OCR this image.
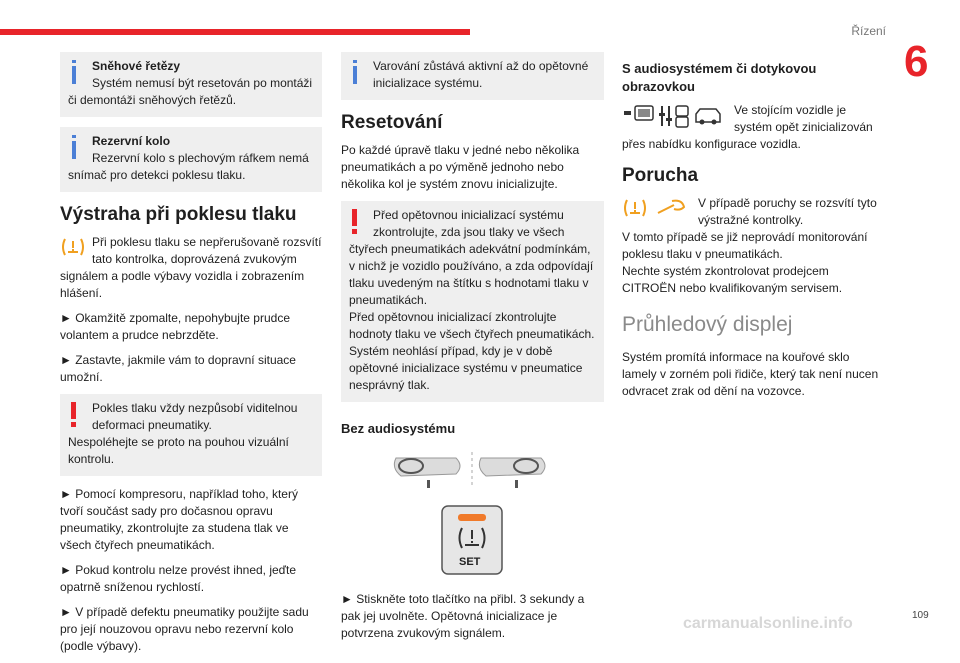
Řízení
6
Sněhové řetězy
Systém nemusí být resetován po montáži či demontáži sněhových řetězů.
Rezervní kolo
Rezervní kolo s plechovým ráfkem nemá snímač pro detekci poklesu tlaku.
Výstraha při poklesu tlaku

Při poklesu tlaku se nepřerušovaně rozsvítí tato kontrolka, doprovázená zvukovým signálem a podle výbavy vozidla i zobrazením hlášení.

► Okamžitě zpomalte, nepohybujte prudce volantem a prudce nebrzděte.

► Zastavte, jakmile vám to dopravní situace umožní.

Pokles tlaku vždy nezpůsobí viditelnou deformaci pneumatiky.
Nespoléhejte se proto na pouhou vizuální kontrolu.

► Pomocí kompresoru, například toho, který tvoří součást sady pro dočasnou opravu pneumatiky, zkontrolujte za studena tlak ve všech čtyřech pneumatikách.

► Pokud kontrolu nelze provést ihned, jeďte opatrně sníženou rychlostí.

► V případě defektu pneumatiky použijte sadu pro její nouzovou opravu nebo rezervní kolo (podle výbavy).

Varování zůstává aktivní až do opětovné inicializace systému.
Resetování

Po každé úpravě tlaku v jedné nebo několika pneumatikách a po výměně jednoho nebo několika kol je systém znovu inicializujte.

Před opětovnou inicializací systému zkontrolujte, zda jsou tlaky ve všech čtyřech pneumatikách adekvátní podmínkám, v nichž je vozidlo používáno, a zda odpovídají tlaku uvedeným na štítku s hodnotami tlaku v pneumatikách.
Před opětovnou inicializací zkontrolujte hodnoty tlaku ve všech čtyřech pneumatikách.
Systém neohlásí případ, kdy je v době opětovné inicializace systému v pneumatice nesprávný tlak.
Bez audiosystému
SET

► Stiskněte toto tlačítko na přibl. 3 sekundy a pak jej uvolněte. Opětovná inicializace je potvrzena zvukovým signálem.

S audiosystémem či dotykovou obrazovkou

Ve stojícím vozidle je systém opět zinicializován přes nabídku konfigurace vozidla.

Porucha

V případě poruchy se rozsvítí tyto výstražné kontrolky.

V tomto případě se již neprovádí monitorování poklesu tlaku v pneumatikách.

Nechte systém zkontrolovat prodejcem CITROËN nebo kvalifikovaným servisem.

Průhledový displej

Systém promítá informace na kouřové sklo lamely v zorném poli řidiče, který tak není nucen odvracet zrak od dění na vozovce.

carmanualsonline.info	109
